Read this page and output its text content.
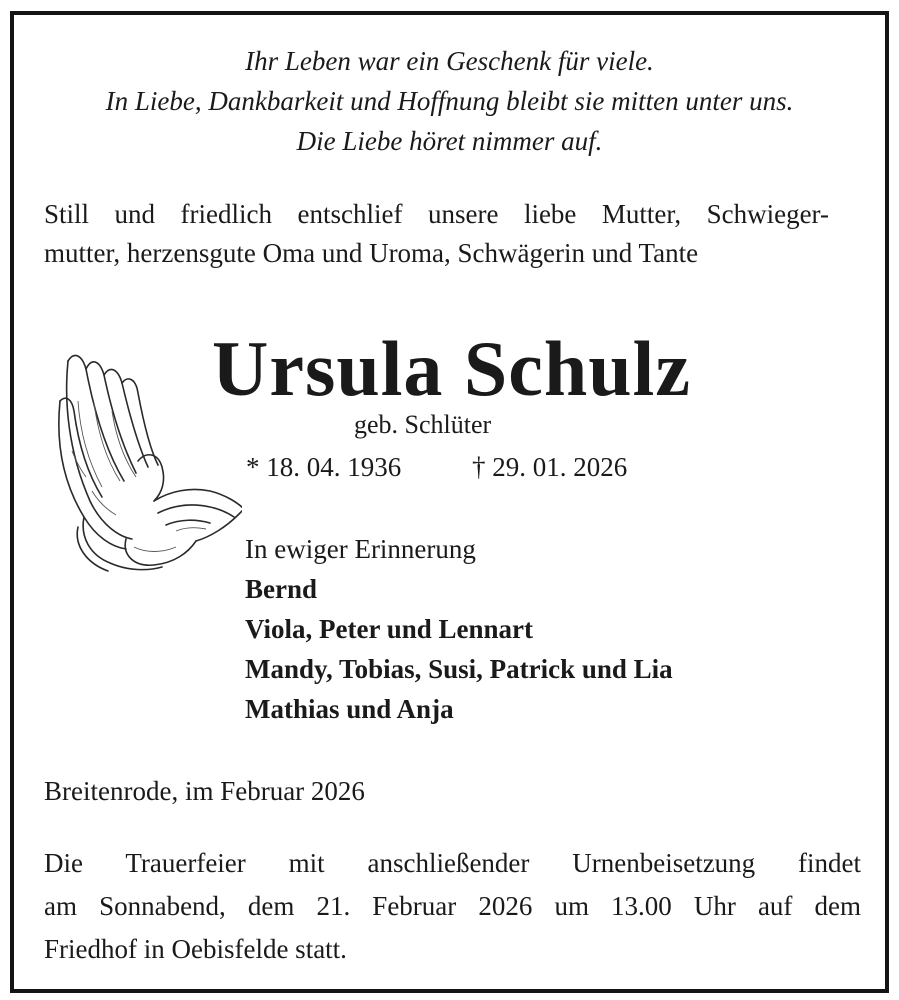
Ihr Leben war ein Geschenk für viele.
In Liebe, Dankbarkeit und Hoffnung bleibt sie mitten unter uns.
Die Liebe höret nimmer auf.
Still und friedlich entschlief unsere liebe Mutter, Schwieger-
mutter, herzensgute Oma und Uroma, Schwägerin und Tante
Ursula Schulz
geb. Schlüter
* 18. 04. 1936	† 29. 01. 2026
In ewiger Erinnerung
Bernd
Viola, Peter und Lennart
Mandy, Tobias, Susi, Patrick und Lia
Mathias und Anja
Breitenrode, im Februar 2026
Die Trauerfeier mit anschließender Urnenbeisetzung findet
am Sonnabend, dem 21. Februar 2026 um 13.00 Uhr auf dem
Friedhof in Oebisfelde statt.
